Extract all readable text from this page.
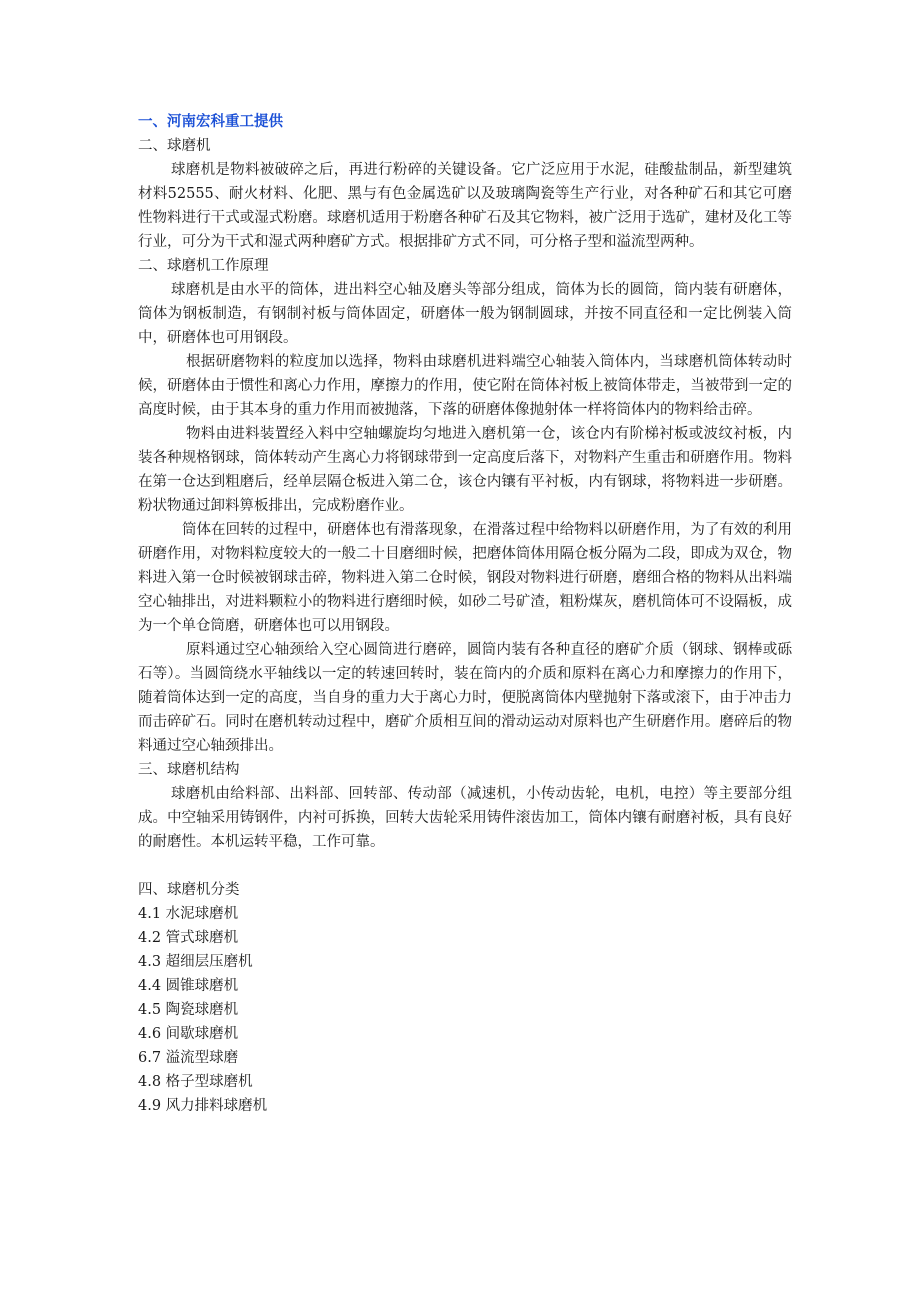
一、河南宏科重工提供
二、球磨机

球磨机是物料被破碎之后，再进行粉碎的关键设备。它广泛应用于水泥，硅酸盐制品，新型建筑材料52555、耐火材料、化肥、黑与有色金属选矿以及玻璃陶瓷等生产行业，对各种矿石和其它可磨性物料进行干式或湿式粉磨。球磨机适用于粉磨各种矿石及其它物料，被广泛用于选矿，建材及化工等行业，可分为干式和湿式两种磨矿方式。根据排矿方式不同，可分格子型和溢流型两种。

二、球磨机工作原理

球磨机是由水平的筒体，进出料空心轴及磨头等部分组成，筒体为长的圆筒，筒内装有研磨体，筒体为钢板制造，有钢制衬板与筒体固定，研磨体一般为钢制圆球，并按不同直径和一定比例装入筒中，研磨体也可用钢段。

根据研磨物料的粒度加以选择，物料由球磨机进料端空心轴装入筒体内，当球磨机筒体转动时候，研磨体由于惯性和离心力作用，摩擦力的作用，使它附在筒体衬板上被筒体带走，当被带到一定的高度时候，由于其本身的重力作用而被抛落，下落的研磨体像抛射体一样将筒体内的物料给击碎。

物料由进料装置经入料中空轴螺旋均匀地进入磨机第一仓，该仓内有阶梯衬板或波纹衬板，内装各种规格钢球，筒体转动产生离心力将钢球带到一定高度后落下，对物料产生重击和研磨作用。物料在第一仓达到粗磨后，经单层隔仓板进入第二仓，该仓内镶有平衬板，内有钢球，将物料进一步研磨。粉状物通过卸料箅板排出，完成粉磨作业。

筒体在回转的过程中，研磨体也有滑落现象，在滑落过程中给物料以研磨作用，为了有效的利用研磨作用，对物料粒度较大的一般二十目磨细时候，把磨体筒体用隔仓板分隔为二段，即成为双仓，物料进入第一仓时候被钢球击碎，物料进入第二仓时候，钢段对物料进行研磨，磨细合格的物料从出料端空心轴排出，对进料颗粒小的物料进行磨细时候，如砂二号矿渣，粗粉煤灰，磨机筒体可不设隔板，成为一个单仓筒磨，研磨体也可以用钢段。

原料通过空心轴颈给入空心圆筒进行磨碎，圆筒内装有各种直径的磨矿介质（钢球、钢棒或砾石等）。当圆筒绕水平轴线以一定的转速回转时，装在筒内的介质和原料在离心力和摩擦力的作用下，随着筒体达到一定的高度，当自身的重力大于离心力时，便脱离筒体内壁抛射下落或滚下，由于冲击力而击碎矿石。同时在磨机转动过程中，磨矿介质相互间的滑动运动对原料也产生研磨作用。磨碎后的物料通过空心轴颈排出。

三、球磨机结构

球磨机由给料部、出料部、回转部、传动部（减速机，小传动齿轮，电机，电控）等主要部分组成。中空轴采用铸钢件，内衬可拆换，回转大齿轮采用铸件滚齿加工，筒体内镶有耐磨衬板，具有良好的耐磨性。本机运转平稳，工作可靠。

四、球磨机分类
4.1 水泥球磨机
4.2 管式球磨机
4.3 超细层压磨机
4.4 圆锥球磨机
4.5 陶瓷球磨机
4.6 间歇球磨机
6.7 溢流型球磨
4.8 格子型球磨机
4.9 风力排料球磨机
